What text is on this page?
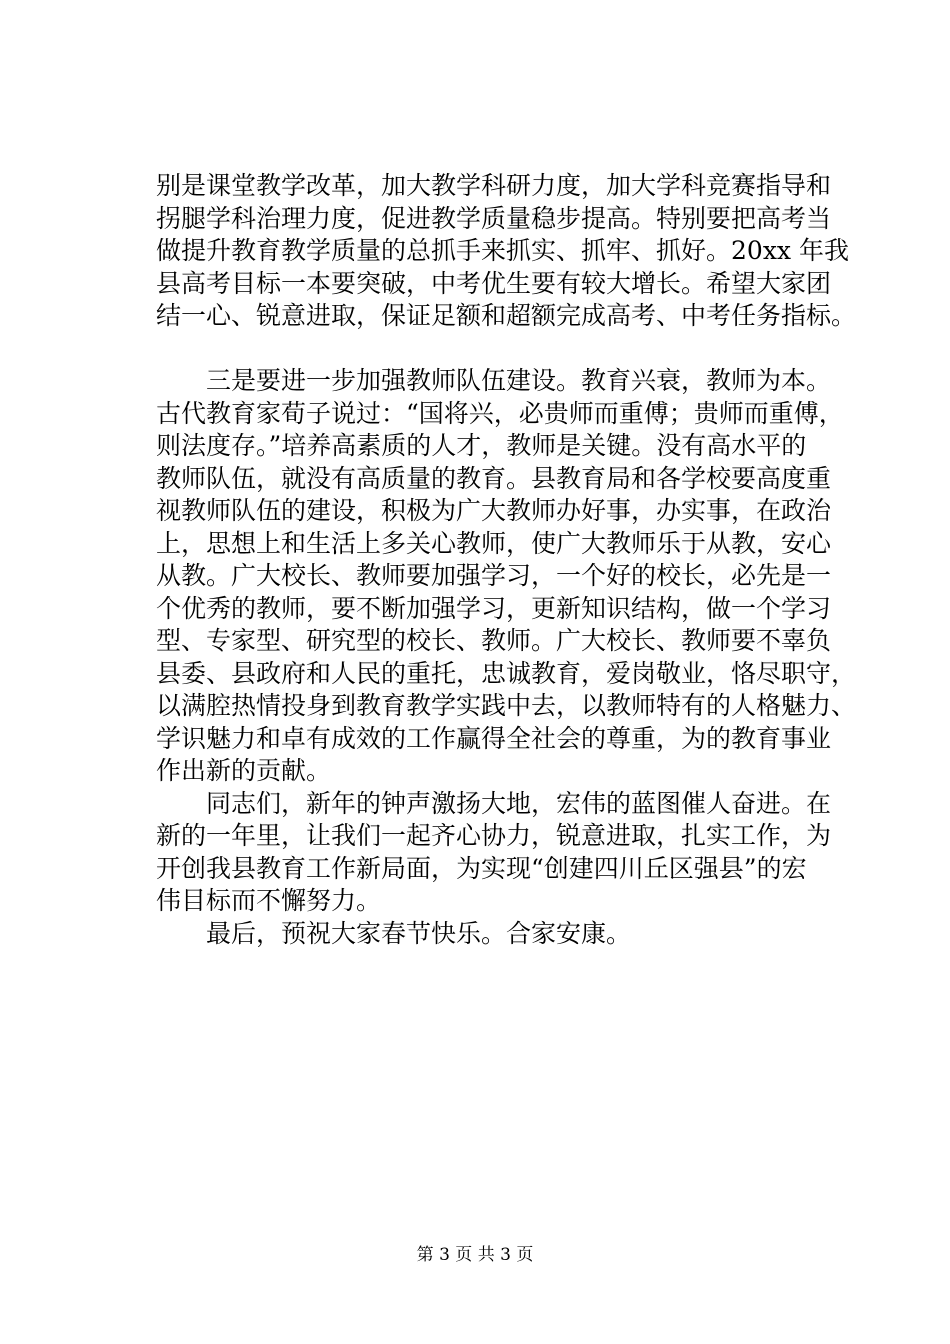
别是课堂教学改革，加大教学科研力度，加大学科竞赛指导和
拐腿学科治理力度，促进教学质量稳步提高。特别要把高考当
做提升教育教学质量的总抓手来抓实、抓牢、抓好。20xx 年我
县高考目标一本要突破，中考优生要有较大增长。希望大家团
结一心、锐意进取，保证足额和超额完成高考、中考任务指标。
三是要进一步加强教师队伍建设。教育兴衰，教师为本。
古代教育家荀子说过：“国将兴，必贵师而重傅；贵师而重傅，
则法度存。”培养高素质的人才，教师是关键。没有高水平的
教师队伍，就没有高质量的教育。县教育局和各学校要高度重
视教师队伍的建设，积极为广大教师办好事，办实事，在政治
上，思想上和生活上多关心教师，使广大教师乐于从教，安心
从教。广大校长、教师要加强学习，一个好的校长，必先是一
个优秀的教师，要不断加强学习，更新知识结构，做一个学习
型、专家型、研究型的校长、教师。广大校长、教师要不辜负
县委、县政府和人民的重托，忠诚教育，爱岗敬业，恪尽职守，
以满腔热情投身到教育教学实践中去，以教师特有的人格魅力、
学识魅力和卓有成效的工作赢得全社会的尊重，为的教育事业
作出新的贡献。
同志们，新年的钟声激扬大地，宏伟的蓝图催人奋进。在
新的一年里，让我们一起齐心协力，锐意进取，扎实工作，为
开创我县教育工作新局面，为实现“创建四川丘区强县”的宏
伟目标而不懈努力。
最后，预祝大家春节快乐。合家安康。
第 3 页 共 3 页
